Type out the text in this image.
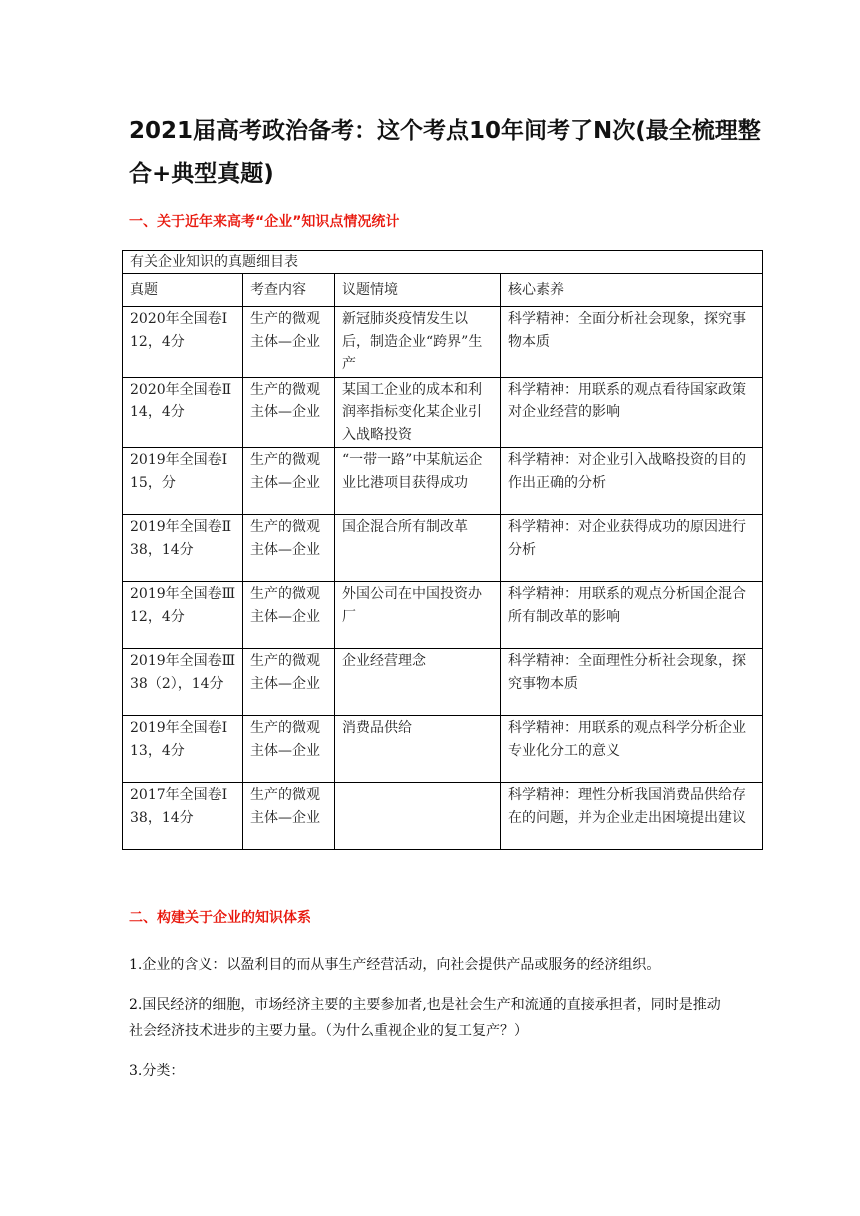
2021届高考政治备考：这个考点10年间考了N次(最全梳理整合+典型真题)
一、关于近年来高考“企业”知识点情况统计
有关企业知识的真题细目表			
真题	考查内容	议题情境	核心素养
2020年全国卷Ⅰ　12，4分	生产的微观主体—企业	新冠肺炎疫情发生以后，制造企业“跨界”生产	科学精神：全面分析社会现象，探究事物本质
2020年全国卷Ⅱ　14，4分	生产的微观主体—企业	某国工企业的成本和利润率指标变化某企业引入战略投资	科学精神：用联系的观点看待国家政策对企业经营的影响
2019年全国卷Ⅰ　15，分	生产的微观主体—企业	“一带一路”中某航运企业比港项目获得成功	科学精神：对企业引入战略投资的目的作出正确的分析
2019年全国卷Ⅱ　38，14分	生产的微观主体—企业	国企混合所有制改革	科学精神：对企业获得成功的原因进行分析
2019年全国卷Ⅲ　12，4分	生产的微观主体—企业	外国公司在中国投资办厂	科学精神：用联系的观点分析国企混合所有制改革的影响
2019年全国卷Ⅲ　38（2），14分	生产的微观主体—企业	企业经营理念	科学精神：全面理性分析社会现象，探究事物本质
2019年全国卷Ⅰ　13，4分	生产的微观主体—企业	消费品供给	科学精神：用联系的观点科学分析企业专业化分工的意义
2017年全国卷Ⅰ38，14分	生产的微观主体—企业		科学精神：理性分析我国消费品供给存在的问题，并为企业走出困境提出建议
二、构建关于企业的知识体系
1.企业的含义：以盈利目的而从事生产经营活动，向社会提供产品或服务的经济组织。
2.国民经济的细胞，市场经济主要的主要参加者,也是社会生产和流通的直接承担者，同时是推动社会经济技术进步的主要力量。（为什么重视企业的复工复产？）
3.分类：
